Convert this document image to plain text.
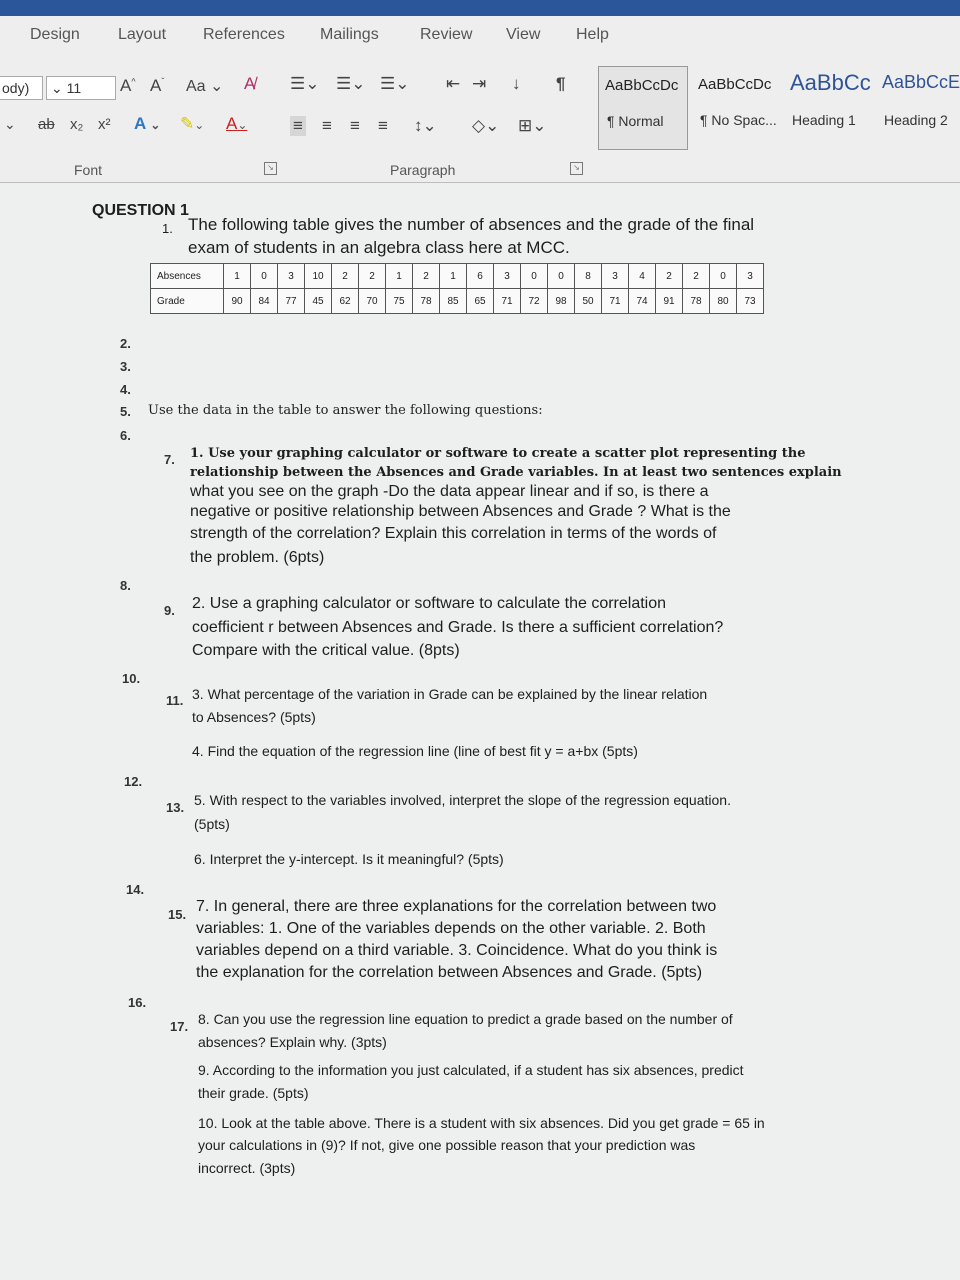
Design Layout References Mailings	Review View Help
ody)	⌄ 11	A^ $A^ˇ$ Aa ⌄ A̸
⌄ ab x₂ x² A ⌄ ✎⌄ A⌄
☰⌄ ☰⌄ ☰⌄ ⇤ ⇥ ↓ ¶
≡ ≡ ≡ ≡ ↕⌄ ◇⌄ ⊞⌄
Font	↘	Paragraph	↘
AaBbCcDc
¶ Normal
AaBbCcDc
¶ No Spac...
AaBbCc
Heading 1
AaBbCcE
Heading 2
QUESTION 1
1. The following table gives the number of absences and the grade of the final
exam of students in an algebra class here at MCC.
Absences	1	0	3	10	2	2	1	2	1	6	3	0	0	8	3	4	2	2	0	3
Grade	90	84	77	45	62	70	75	78	85	65	71	72	98	50	71	74	91	78	80	73
2.
3.
4.
5. Use the data in the table to answer the following questions:
6.
7. 1. Use your graphing calculator or software to create a scatter plot representing the
relationship between the Absences and Grade variables. In at least two sentences explain
what you see on the graph -Do the data appear linear and if so, is there a
negative or positive relationship between Absences and Grade ? What is the
strength of the correlation? Explain this correlation in terms of the words of
the problem. (6pts)
8.
9. 2. Use a graphing calculator or software to calculate the correlation
coefficient r between Absences and Grade. Is there a sufficient correlation?
Compare with the critical value. (8pts)
10.
11. 3. What percentage of the variation in Grade can be explained by the linear relation
to Absences? (5pts)
4. Find the equation of the regression line (line of best fit y = a+bx (5pts)
12.
13. 5. With respect to the variables involved, interpret the slope of the regression equation.
(5pts)
6. Interpret the y-intercept. Is it meaningful? (5pts)
14.
15. 7. In general, there are three explanations for the correlation between two
variables: 1. One of the variables depends on the other variable. 2. Both
variables depend on a third variable. 3. Coincidence. What do you think is
the explanation for the correlation between Absences and Grade. (5pts)
16.
17. 8. Can you use the regression line equation to predict a grade based on the number of
absences? Explain why. (3pts)
9. According to the information you just calculated, if a student has six absences, predict
their grade. (5pts)
10. Look at the table above. There is a student with six absences. Did you get grade = 65 in
your calculations in (9)? If not, give one possible reason that your prediction was
incorrect. (3pts)
